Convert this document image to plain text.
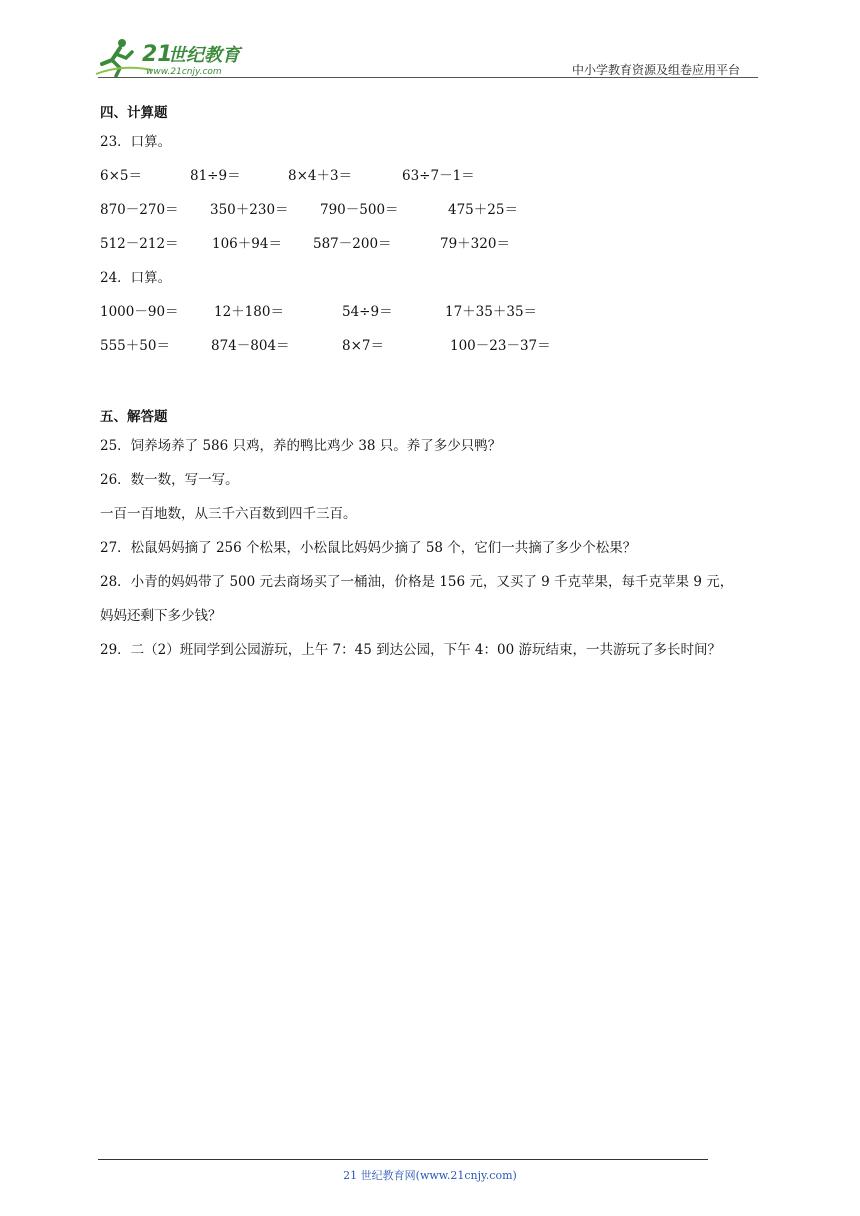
21
世纪教育
www.21cnjy.com	中小学教育资源及组卷应用平台
四、计算题
23．口算。
6×5＝	81÷9＝	8×4＋3＝	63÷7－1＝
870－270＝ 350＋230＝ 790－500＝	475＋25＝
512－212＝ 106＋94＝ 587－200＝	79＋320＝
24．口算。
1000－90＝	12＋180＝	54÷9＝	17＋35＋35＝
555＋50＝	874－804＝	8×7＝	100－23－37＝
五、解答题
25．饲养场养了 586 只鸡，养的鸭比鸡少 38 只。养了多少只鸭？
26．数一数，写一写。
一百一百地数，从三千六百数到四千三百。
27．松鼠妈妈摘了 256 个松果，小松鼠比妈妈少摘了 58 个，它们一共摘了多少个松果？
28．小青的妈妈带了 500 元去商场买了一桶油，价格是 156 元，又买了 9 千克苹果，每千克苹果 9 元，
妈妈还剩下多少钱？
29．二（2）班同学到公园游玩，上午 7：45 到达公园，下午 4：00 游玩结束，一共游玩了多长时间？
21 世纪教育网(www.21cnjy.com)
